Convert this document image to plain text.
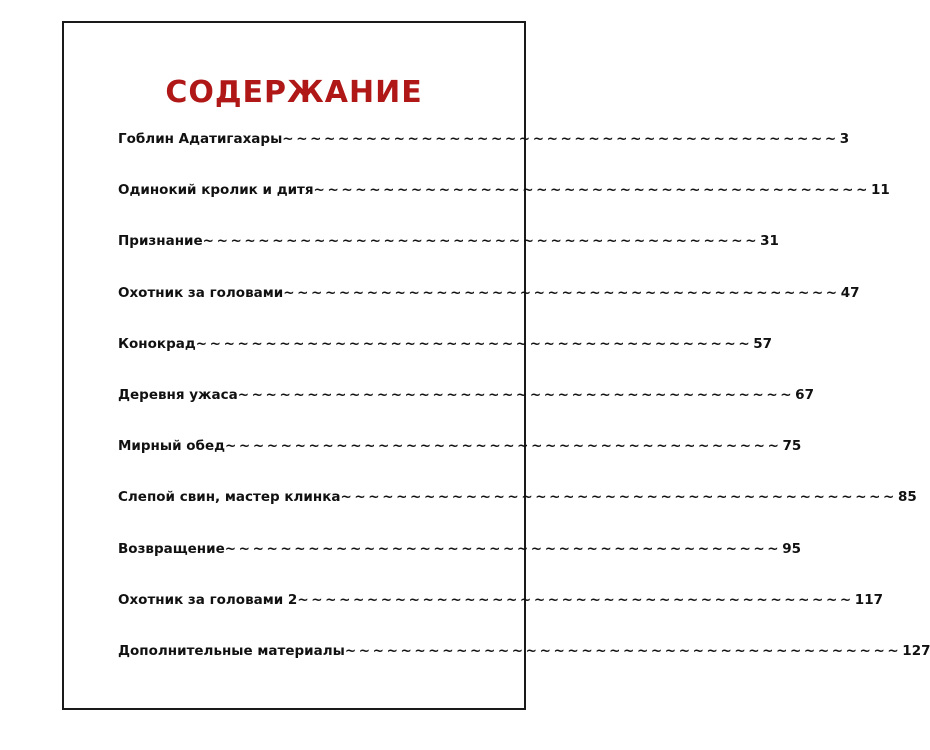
СОДЕРЖАНИЕ
Гоблин Адатигахары ~~~~~~~~~~~~~~~~~~~~~~~~~~~~~~~~~~~~~~~~ 3
Одинокий кролик и дитя ~~~~~~~~~~~~~~~~~~~~~~~~~~~~~~~~~~~~~~~~ 11
Признание ~~~~~~~~~~~~~~~~~~~~~~~~~~~~~~~~~~~~~~~~ 31
Охотник за головами ~~~~~~~~~~~~~~~~~~~~~~~~~~~~~~~~~~~~~~~~ 47
Конокрад ~~~~~~~~~~~~~~~~~~~~~~~~~~~~~~~~~~~~~~~~ 57
Деревня ужаса ~~~~~~~~~~~~~~~~~~~~~~~~~~~~~~~~~~~~~~~~ 67
Мирный обед ~~~~~~~~~~~~~~~~~~~~~~~~~~~~~~~~~~~~~~~~ 75
Слепой свин, мастер клинка ~~~~~~~~~~~~~~~~~~~~~~~~~~~~~~~~~~~~~~~~ 85
Возвращение ~~~~~~~~~~~~~~~~~~~~~~~~~~~~~~~~~~~~~~~~ 95
Охотник за головами 2 ~~~~~~~~~~~~~~~~~~~~~~~~~~~~~~~~~~~~~~~~ 117
Дополнительные материалы ~~~~~~~~~~~~~~~~~~~~~~~~~~~~~~~~~~~~~~~~ 127
